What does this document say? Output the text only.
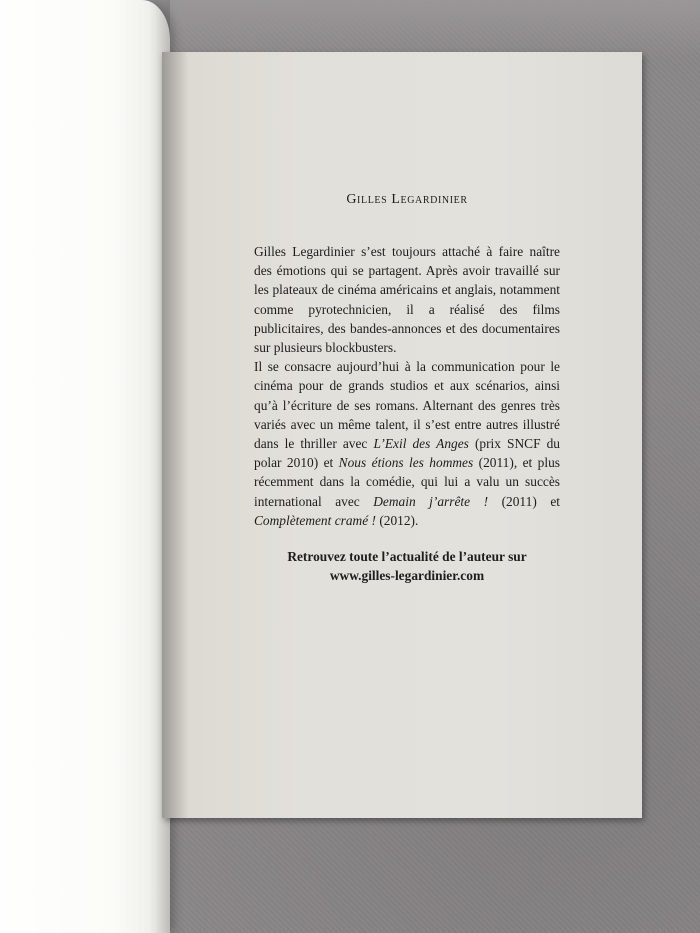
Gilles Legardinier

Gilles Legardinier s’est toujours attaché à faire naître des émotions qui se partagent. Après avoir travaillé sur les plateaux de cinéma américains et anglais, notamment comme pyrotechnicien, il a réalisé des films publicitaires, des bandes-annonces et des documentaires sur plusieurs blockbusters.

Il se consacre aujourd’hui à la communication pour le cinéma pour de grands studios et aux scénarios, ainsi qu’à l’écriture de ses romans. Alternant des genres très variés avec un même talent, il s’est entre autres illustré dans le thriller avec L’Exil des Anges (prix SNCF du polar 2010) et Nous étions les hommes (2011), et plus récemment dans la comédie, qui lui a valu un succès international avec Demain j’arrête ! (2011) et Complètement cramé ! (2012).

Retrouvez toute l’actualité de l’auteur sur
www.gilles-legardinier.com
